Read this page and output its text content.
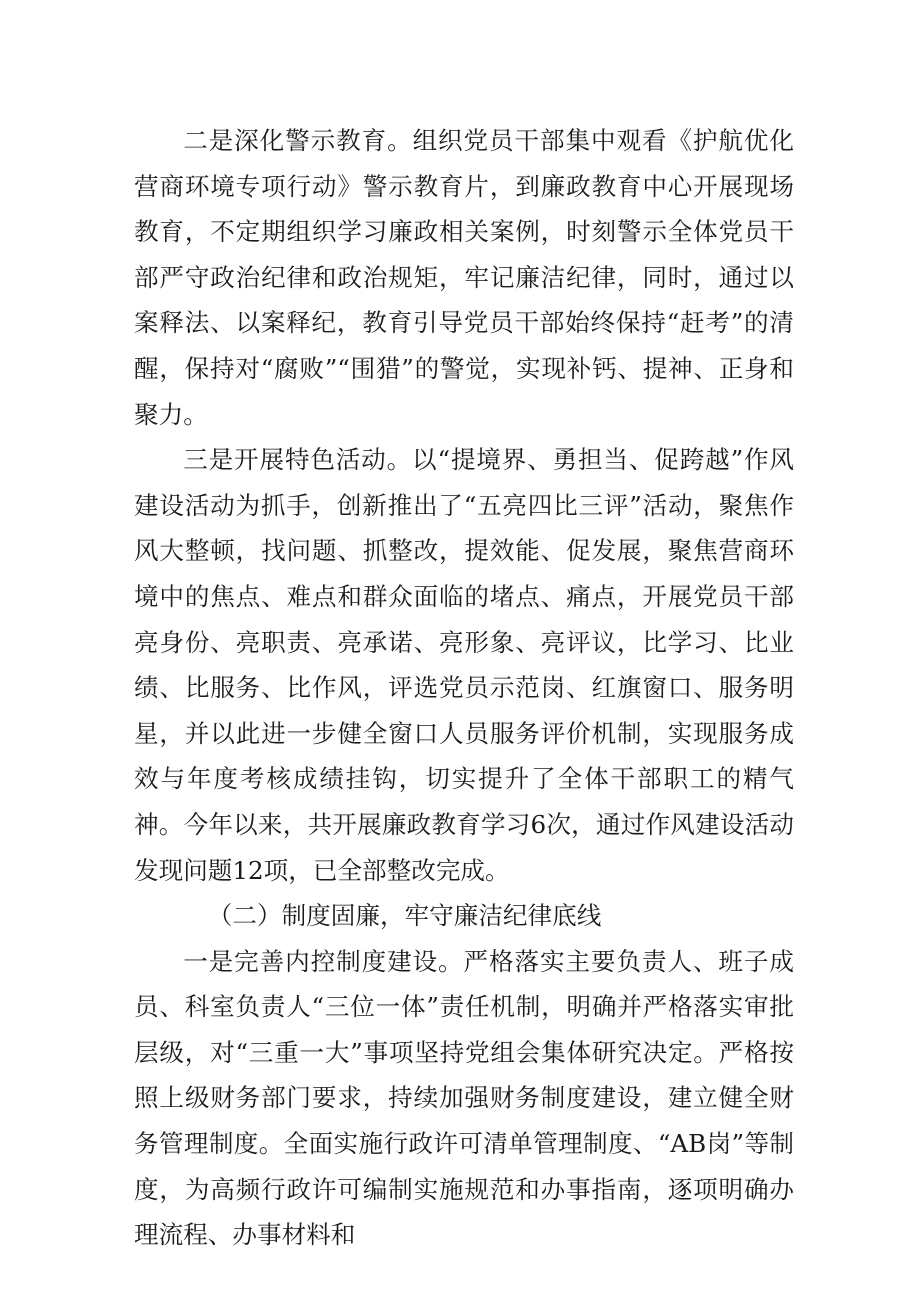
二是深化警示教育。组织党员干部集中观看《护航优化营商环境专项行动》警示教育片，到廉政教育中心开展现场教育，不定期组织学习廉政相关案例，时刻警示全体党员干部严守政治纪律和政治规矩，牢记廉洁纪律，同时，通过以案释法、以案释纪，教育引导党员干部始终保持“赶考”的清醒，保持对“腐败”“围猎”的警觉，实现补钙、提神、正身和聚力。

三是开展特色活动。以“提境界、勇担当、促跨越”作风建设活动为抓手，创新推出了“五亮四比三评”活动，聚焦作风大整顿，找问题、抓整改，提效能、促发展，聚焦营商环境中的焦点、难点和群众面临的堵点、痛点，开展党员干部亮身份、亮职责、亮承诺、亮形象、亮评议，比学习、比业绩、比服务、比作风，评选党员示范岗、红旗窗口、服务明星，并以此进一步健全窗口人员服务评价机制，实现服务成效与年度考核成绩挂钩，切实提升了全体干部职工的精气神。今年以来，共开展廉政教育学习6次，通过作风建设活动发现问题12项，已全部整改完成。

（二）制度固廉，牢守廉洁纪律底线

一是完善内控制度建设。严格落实主要负责人、班子成员、科室负责人“三位一体”责任机制，明确并严格落实审批层级，对“三重一大”事项坚持党组会集体研究决定。严格按照上级财务部门要求，持续加强财务制度建设，建立健全财务管理制度。全面实施行政许可清单管理制度、“AB岗”等制度，为高频行政许可编制实施规范和办事指南，逐项明确办理流程、办事材料和
